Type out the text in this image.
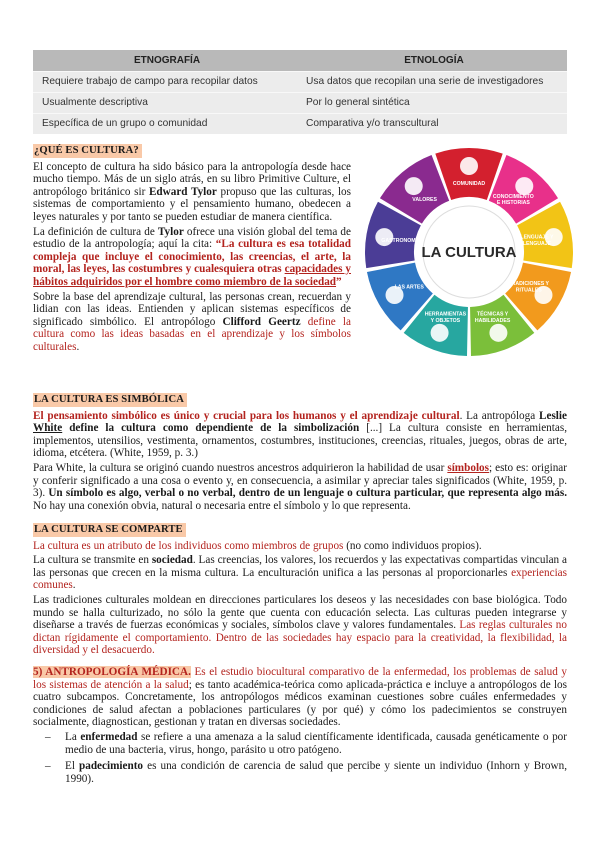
ETNOGRAFÍA	ETNOLOGÍA
Requiere trabajo de campo para recopilar datos	Usa datos que recopilan una serie de investigadores
Usualmente descriptiva	Por lo general sintética
Específica de un grupo o comunidad	Comparativa y/o transcultural
¿QUÉ ES CULTURA?

El concepto de cultura ha sido básico para la antropología desde hace mucho tiempo. Más de un siglo atrás, en su libro Primitive Culture, el antropólogo británico sir Edward Tylor propuso que las culturas, los sistemas de comportamiento y el pensamiento humano, obedecen a leyes naturales y por tanto se pueden estudiar de manera científica.

La definición de cultura de Tylor ofrece una visión global del tema de estudio de la antropología; aquí la cita: “La cultura es esa totalidad compleja que incluye el conocimiento, las creencias, el arte, la moral, las leyes, las costumbres y cualesquiera otras capacidades y hábitos adquiridos por el hombre como miembro de la sociedad”

Sobre la base del aprendizaje cultural, las personas crean, recuerdan y lidian con las ideas. Entienden y aplican sistemas específicos de significado simbólico. El antropólogo Clifford Geertz define la cultura como las ideas basadas en el aprendizaje y los símbolos culturales.

LA CULTURA
COMUNIDAD
CONOCIMIENTO E HISTORIAS
LENGUAJE Y LENGUAJE
TRADICIONES Y RITUALES
TÉCNICAS Y HABILIDADES
HERRAMIENTAS Y OBJETOS
LAS ARTES
GASTRONOMÍA
VALORES
LA CULTURA ES SIMBÓLICA

El pensamiento simbólico es único y crucial para los humanos y el aprendizaje cultural. La antropóloga Leslie White define la cultura como dependiente de la simbolización [...] La cultura consiste en herramientas, implementos, utensilios, vestimenta, ornamentos, costumbres, instituciones, creencias, rituales, juegos, obras de arte, idioma, etcétera. (White, 1959, p. 3.)

Para White, la cultura se originó cuando nuestros ancestros adquirieron la habilidad de usar símbolos; esto es: originar y conferir significado a una cosa o evento y, en consecuencia, a asimilar y apreciar tales significados (White, 1959, p. 3). Un símbolo es algo, verbal o no verbal, dentro de un lenguaje o cultura particular, que representa algo más. No hay una conexión obvia, natural o necesaria entre el símbolo y lo que representa.

LA CULTURA SE COMPARTE

La cultura es un atributo de los individuos como miembros de grupos (no como individuos propios).

La cultura se transmite en sociedad. Las creencias, los valores, los recuerdos y las expectativas compartidas vinculan a las personas que crecen en la misma cultura. La enculturación unifica a las personas al proporcionarles experiencias comunes.

Las tradiciones culturales moldean en direcciones particulares los deseos y las necesidades con base biológica. Todo mundo se halla culturizado, no sólo la gente que cuenta con educación selecta. Las culturas pueden integrarse y diseñarse a través de fuerzas económicas y sociales, símbolos clave y valores fundamentales. Las reglas culturales no dictan rígidamente el comportamiento. Dentro de las sociedades hay espacio para la creatividad, la flexibilidad, la diversidad y el desacuerdo.

5) ANTROPOLOGÍA MÉDICA. Es el estudio biocultural comparativo de la enfermedad, los problemas de salud y los sistemas de atención a la salud; es tanto académica-teórica como aplicada-práctica e incluye a antropólogos de los cuatro subcampos. Concretamente, los antropólogos médicos examinan cuestiones sobre cuáles enfermedades y condiciones de salud afectan a poblaciones particulares (y por qué) y cómo los padecimientos se construyen socialmente, diagnostican, gestionan y tratan en diversas sociedades.

– La enfermedad se refiere a una amenaza a la salud científicamente identificada, causada genéticamente o por medio de una bacteria, virus, hongo, parásito u otro patógeno.
– El padecimiento es una condición de carencia de salud que percibe y siente un individuo (Inhorn y Brown, 1990).
